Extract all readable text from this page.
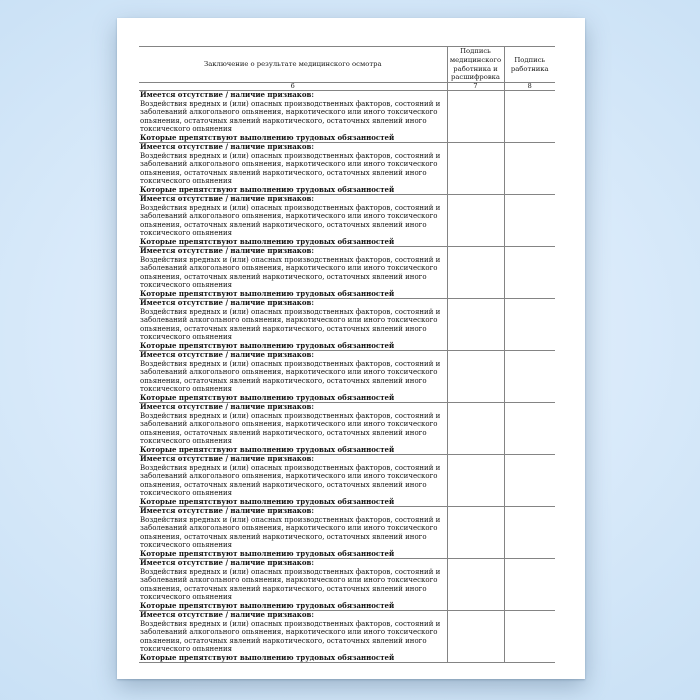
Заключение о результате медицинского осмотра	Подпись медицинского работника и расшифровка	Подпись работника
6	7	8

Имеется отсутствие / наличие признаков:
Воздействия вредных и (или) опасных производственных факторов, состояний и
заболеваний алкогольного опьянения, наркотического или иного токсического
опьянения, остаточных явлений наркотического, остаточных явлений иного
токсического опьянения
Которые препятствуют выполнению трудовых обязанностей

Имеется отсутствие / наличие признаков:
Воздействия вредных и (или) опасных производственных факторов, состояний и
заболеваний алкогольного опьянения, наркотического или иного токсического
опьянения, остаточных явлений наркотического, остаточных явлений иного
токсического опьянения
Которые препятствуют выполнению трудовых обязанностей

Имеется отсутствие / наличие признаков:
Воздействия вредных и (или) опасных производственных факторов, состояний и
заболеваний алкогольного опьянения, наркотического или иного токсического
опьянения, остаточных явлений наркотического, остаточных явлений иного
токсического опьянения
Которые препятствуют выполнению трудовых обязанностей

Имеется отсутствие / наличие признаков:
Воздействия вредных и (или) опасных производственных факторов, состояний и
заболеваний алкогольного опьянения, наркотического или иного токсического
опьянения, остаточных явлений наркотического, остаточных явлений иного
токсического опьянения
Которые препятствуют выполнению трудовых обязанностей

Имеется отсутствие / наличие признаков:
Воздействия вредных и (или) опасных производственных факторов, состояний и
заболеваний алкогольного опьянения, наркотического или иного токсического
опьянения, остаточных явлений наркотического, остаточных явлений иного
токсического опьянения
Которые препятствуют выполнению трудовых обязанностей

Имеется отсутствие / наличие признаков:
Воздействия вредных и (или) опасных производственных факторов, состояний и
заболеваний алкогольного опьянения, наркотического или иного токсического
опьянения, остаточных явлений наркотического, остаточных явлений иного
токсического опьянения
Которые препятствуют выполнению трудовых обязанностей

Имеется отсутствие / наличие признаков:
Воздействия вредных и (или) опасных производственных факторов, состояний и
заболеваний алкогольного опьянения, наркотического или иного токсического
опьянения, остаточных явлений наркотического, остаточных явлений иного
токсического опьянения
Которые препятствуют выполнению трудовых обязанностей

Имеется отсутствие / наличие признаков:
Воздействия вредных и (или) опасных производственных факторов, состояний и
заболеваний алкогольного опьянения, наркотического или иного токсического
опьянения, остаточных явлений наркотического, остаточных явлений иного
токсического опьянения
Которые препятствуют выполнению трудовых обязанностей

Имеется отсутствие / наличие признаков:
Воздействия вредных и (или) опасных производственных факторов, состояний и
заболеваний алкогольного опьянения, наркотического или иного токсического
опьянения, остаточных явлений наркотического, остаточных явлений иного
токсического опьянения
Которые препятствуют выполнению трудовых обязанностей

Имеется отсутствие / наличие признаков:
Воздействия вредных и (или) опасных производственных факторов, состояний и
заболеваний алкогольного опьянения, наркотического или иного токсического
опьянения, остаточных явлений наркотического, остаточных явлений иного
токсического опьянения
Которые препятствуют выполнению трудовых обязанностей

Имеется отсутствие / наличие признаков:
Воздействия вредных и (или) опасных производственных факторов, состояний и
заболеваний алкогольного опьянения, наркотического или иного токсического
опьянения, остаточных явлений наркотического, остаточных явлений иного
токсического опьянения
Которые препятствуют выполнению трудовых обязанностей
